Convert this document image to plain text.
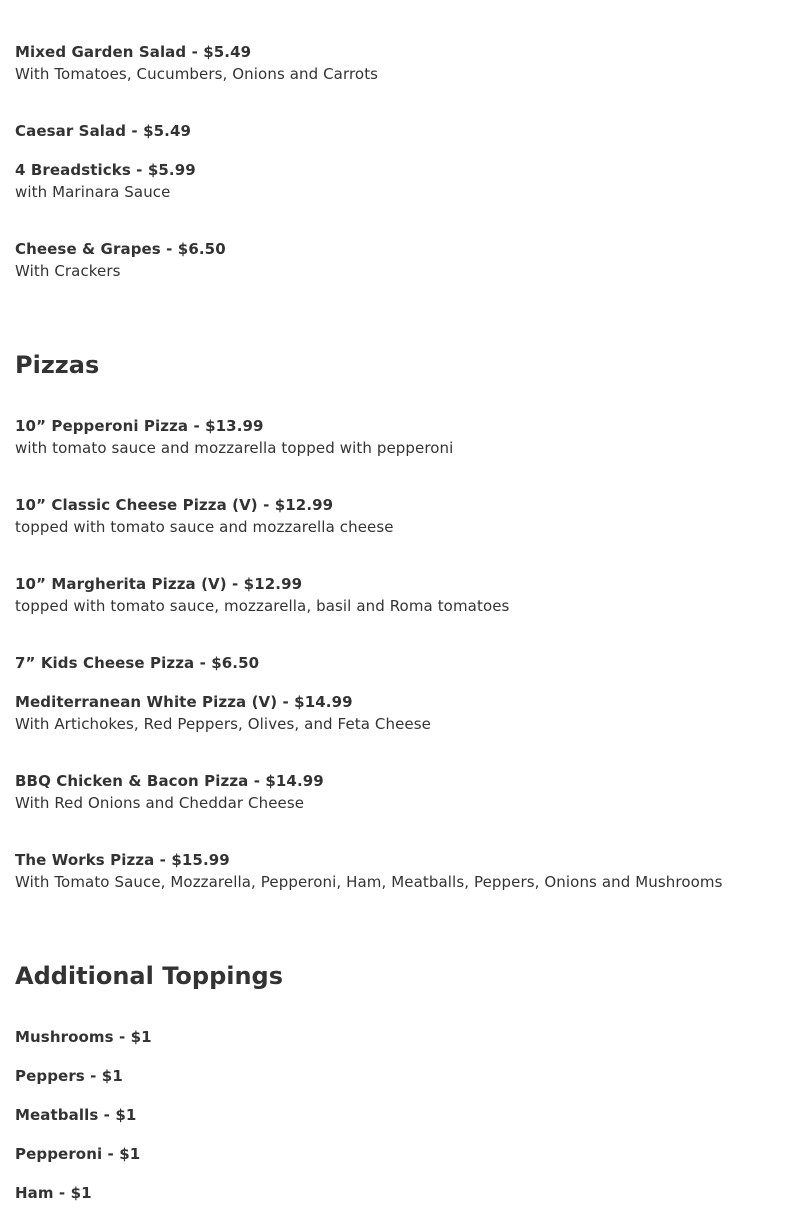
Mixed Garden Salad - $5.49

With Tomatoes, Cucumbers, Onions and Carrots

Caesar Salad - $5.49

4 Breadsticks - $5.99

with Marinara Sauce

Cheese & Grapes - $6.50

With Crackers

Pizzas

10” Pepperoni Pizza - $13.99

with tomato sauce and mozzarella topped with pepperoni

10” Classic Cheese Pizza (V) - $12.99

topped with tomato sauce and mozzarella cheese

10” Margherita Pizza (V) - $12.99

topped with tomato sauce, mozzarella, basil and Roma tomatoes

7” Kids Cheese Pizza - $6.50

Mediterranean White Pizza (V) - $14.99

With Artichokes, Red Peppers, Olives, and Feta Cheese

BBQ Chicken & Bacon Pizza - $14.99

With Red Onions and Cheddar Cheese

The Works Pizza - $15.99

With Tomato Sauce, Mozzarella, Pepperoni, Ham, Meatballs, Peppers, Onions and Mushrooms

Additional Toppings

Mushrooms - $1

Peppers - $1

Meatballs - $1

Pepperoni - $1

Ham - $1
